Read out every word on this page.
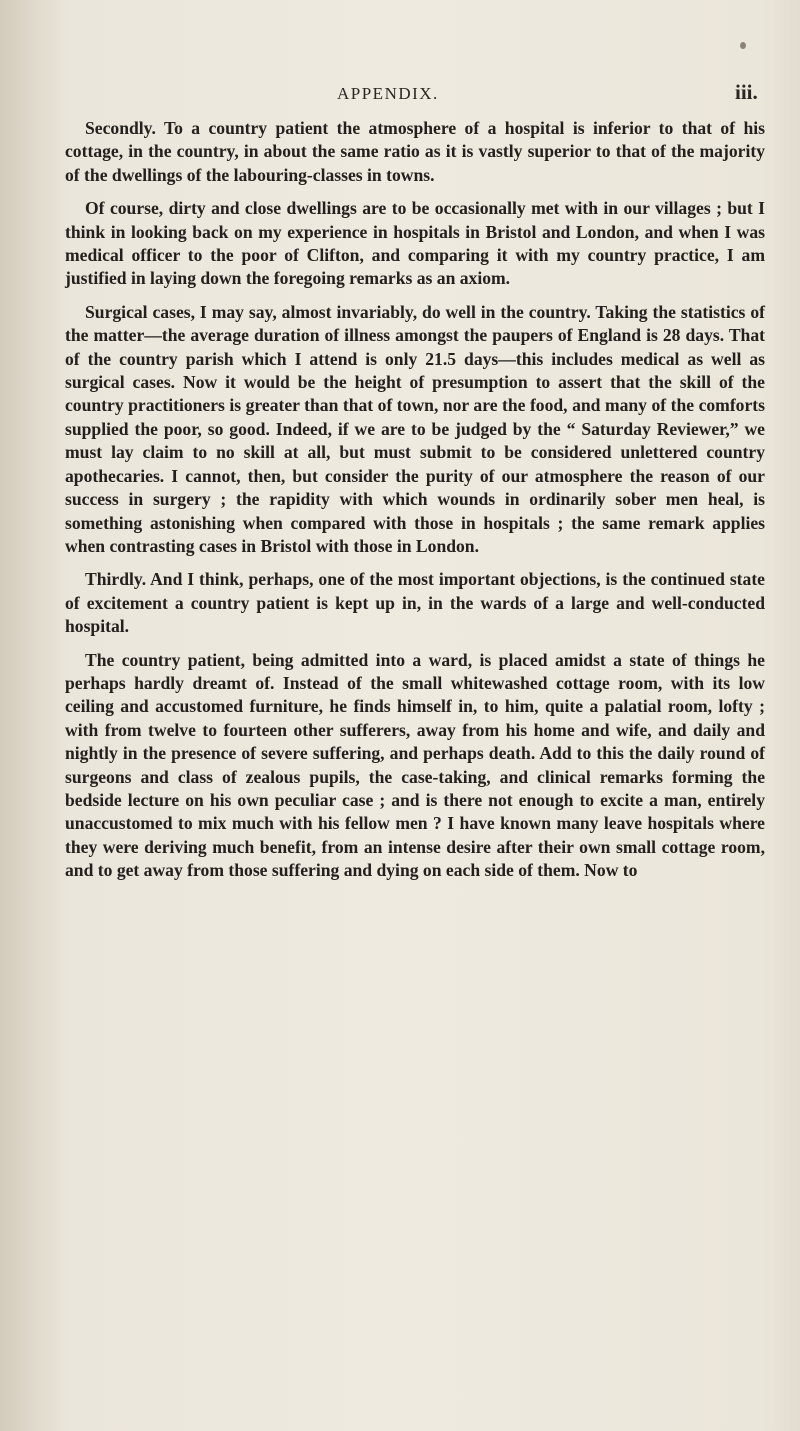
APPENDIX.	iii.

Secondly. To a country patient the atmosphere of a hospital is inferior to that of his cottage, in the country, in about the same ratio as it is vastly superior to that of the majority of the dwellings of the labouring-classes in towns.

Of course, dirty and close dwellings are to be occasionally met with in our villages ; but I think in looking back on my experience in hospitals in Bristol and London, and when I was medical officer to the poor of Clifton, and comparing it with my country practice, I am justified in laying down the foregoing remarks as an axiom.

Surgical cases, I may say, almost invariably, do well in the country. Taking the statistics of the matter—the average duration of illness amongst the paupers of England is 28 days. That of the country parish which I attend is only 21.5 days—this includes medical as well as surgical cases. Now it would be the height of presumption to assert that the skill of the country practitioners is greater than that of town, nor are the food, and many of the comforts supplied the poor, so good. Indeed, if we are to be judged by the “ Saturday Reviewer,” we must lay claim to no skill at all, but must submit to be considered unlettered country apothecaries. I cannot, then, but consider the purity of our atmosphere the reason of our success in surgery ; the rapidity with which wounds in ordinarily sober men heal, is something astonishing when compared with those in hospitals ; the same remark applies when contrasting cases in Bristol with those in London.

Thirdly. And I think, perhaps, one of the most important objections, is the continued state of excitement a country patient is kept up in, in the wards of a large and well-conducted hospital.

The country patient, being admitted into a ward, is placed amidst a state of things he perhaps hardly dreamt of. Instead of the small whitewashed cottage room, with its low ceiling and accustomed furniture, he finds himself in, to him, quite a palatial room, lofty ; with from twelve to fourteen other sufferers, away from his home and wife, and daily and nightly in the presence of severe suffering, and perhaps death. Add to this the daily round of surgeons and class of zealous pupils, the case-taking, and clinical remarks forming the bedside lecture on his own peculiar case ; and is there not enough to excite a man, entirely unaccustomed to mix much with his fellow men ? I have known many leave hospitals where they were deriving much benefit, from an intense desire after their own small cottage room, and to get away from those suffering and dying on each side of them. Now to
